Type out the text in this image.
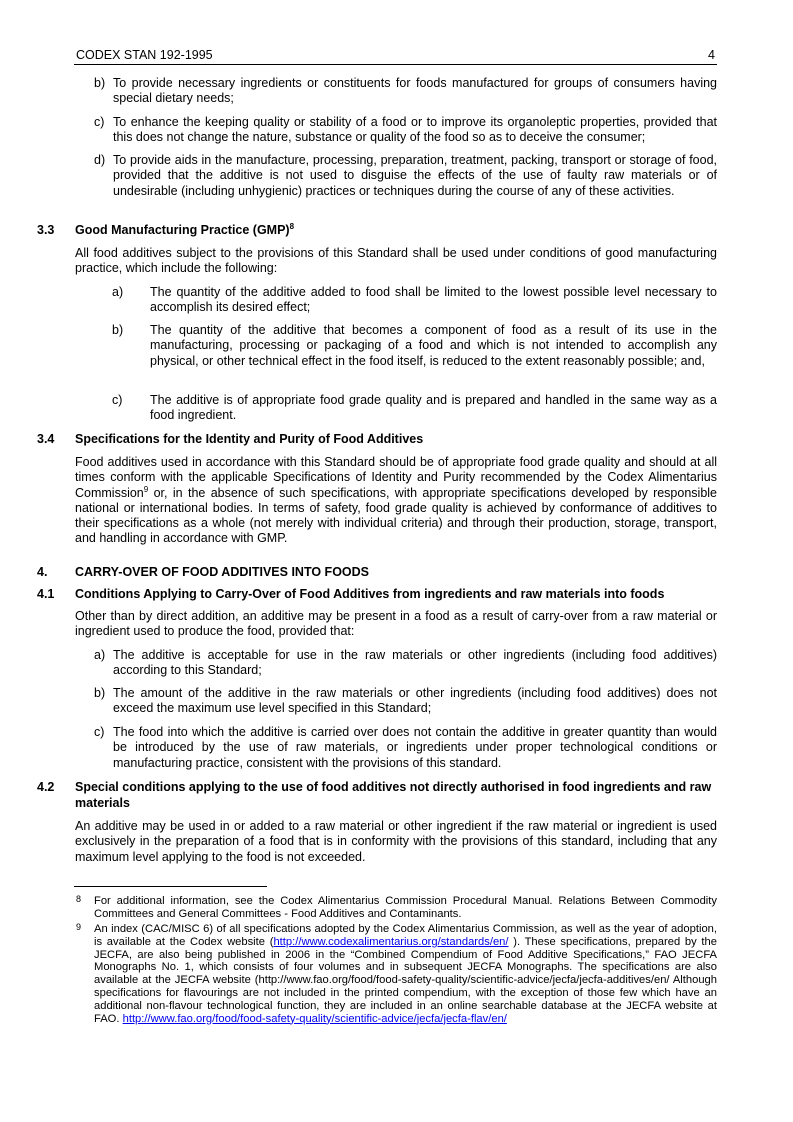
CODEX STAN 192-1995	4
b) To provide necessary ingredients or constituents for foods manufactured for groups of consumers having special dietary needs;
c) To enhance the keeping quality or stability of a food or to improve its organoleptic properties, provided that this does not change the nature, substance or quality of the food so as to deceive the consumer;
d) To provide aids in the manufacture, processing, preparation, treatment, packing, transport or storage of food, provided that the additive is not used to disguise the effects of the use of faulty raw materials or of undesirable (including unhygienic) practices or techniques during the course of any of these activities.
3.3 Good Manufacturing Practice (GMP)$^8$
All food additives subject to the provisions of this Standard shall be used under conditions of good manufacturing practice, which include the following:
a) The quantity of the additive added to food shall be limited to the lowest possible level necessary to accomplish its desired effect;
b) The quantity of the additive that becomes a component of food as a result of its use in the manufacturing, processing or packaging of a food and which is not intended to accomplish any physical, or other technical effect in the food itself, is reduced to the extent reasonably possible; and,
c) The additive is of appropriate food grade quality and is prepared and handled in the same way as a food ingredient.
3.4 Specifications for the Identity and Purity of Food Additives
Food additives used in accordance with this Standard should be of appropriate food grade quality and should at all times conform with the applicable Specifications of Identity and Purity recommended by the Codex Alimentarius Commission$^9$ or, in the absence of such specifications, with appropriate specifications developed by responsible national or international bodies. In terms of safety, food grade quality is achieved by conformance of additives to their specifications as a whole (not merely with individual criteria) and through their production, storage, transport, and handling in accordance with GMP.
4. CARRY-OVER OF FOOD ADDITIVES INTO FOODS
4.1 Conditions Applying to Carry-Over of Food Additives from ingredients and raw materials into foods
Other than by direct addition, an additive may be present in a food as a result of carry-over from a raw material or ingredient used to produce the food, provided that:
a) The additive is acceptable for use in the raw materials or other ingredients (including food additives) according to this Standard;
b) The amount of the additive in the raw materials or other ingredients (including food additives) does not exceed the maximum use level specified in this Standard;
c) The food into which the additive is carried over does not contain the additive in greater quantity than would be introduced by the use of raw materials, or ingredients under proper technological conditions or manufacturing practice, consistent with the provisions of this standard.
4.2 Special conditions applying to the use of food additives not directly authorised in food ingredients and raw materials
An additive may be used in or added to a raw material or other ingredient if the raw material or ingredient is used exclusively in the preparation of a food that is in conformity with the provisions of this standard, including that any maximum level applying to the food is not exceeded.
8 For additional information, see the Codex Alimentarius Commission Procedural Manual. Relations Between Commodity Committees and General Committees - Food Additives and Contaminants.
9 An index (CAC/MISC 6) of all specifications adopted by the Codex Alimentarius Commission, as well as the year of adoption, is available at the Codex website (http://www.codexalimentarius.org/standards/en/ ). These specifications, prepared by the JECFA, are also being published in 2006 in the “Combined Compendium of Food Additive Specifications,” FAO JECFA Monographs No. 1, which consists of four volumes and in subsequent JECFA Monographs. The specifications are also available at the JECFA website (http://www.fao.org/food/food-safety-quality/scientific-advice/jecfa/jecfa-additives/en/ Although specifications for flavourings are not included in the printed compendium, with the exception of those few which have an additional non-flavour technological function, they are included in an online searchable database at the JECFA website at FAO. http://www.fao.org/food/food-safety-quality/scientific-advice/jecfa/jecfa-flav/en/
